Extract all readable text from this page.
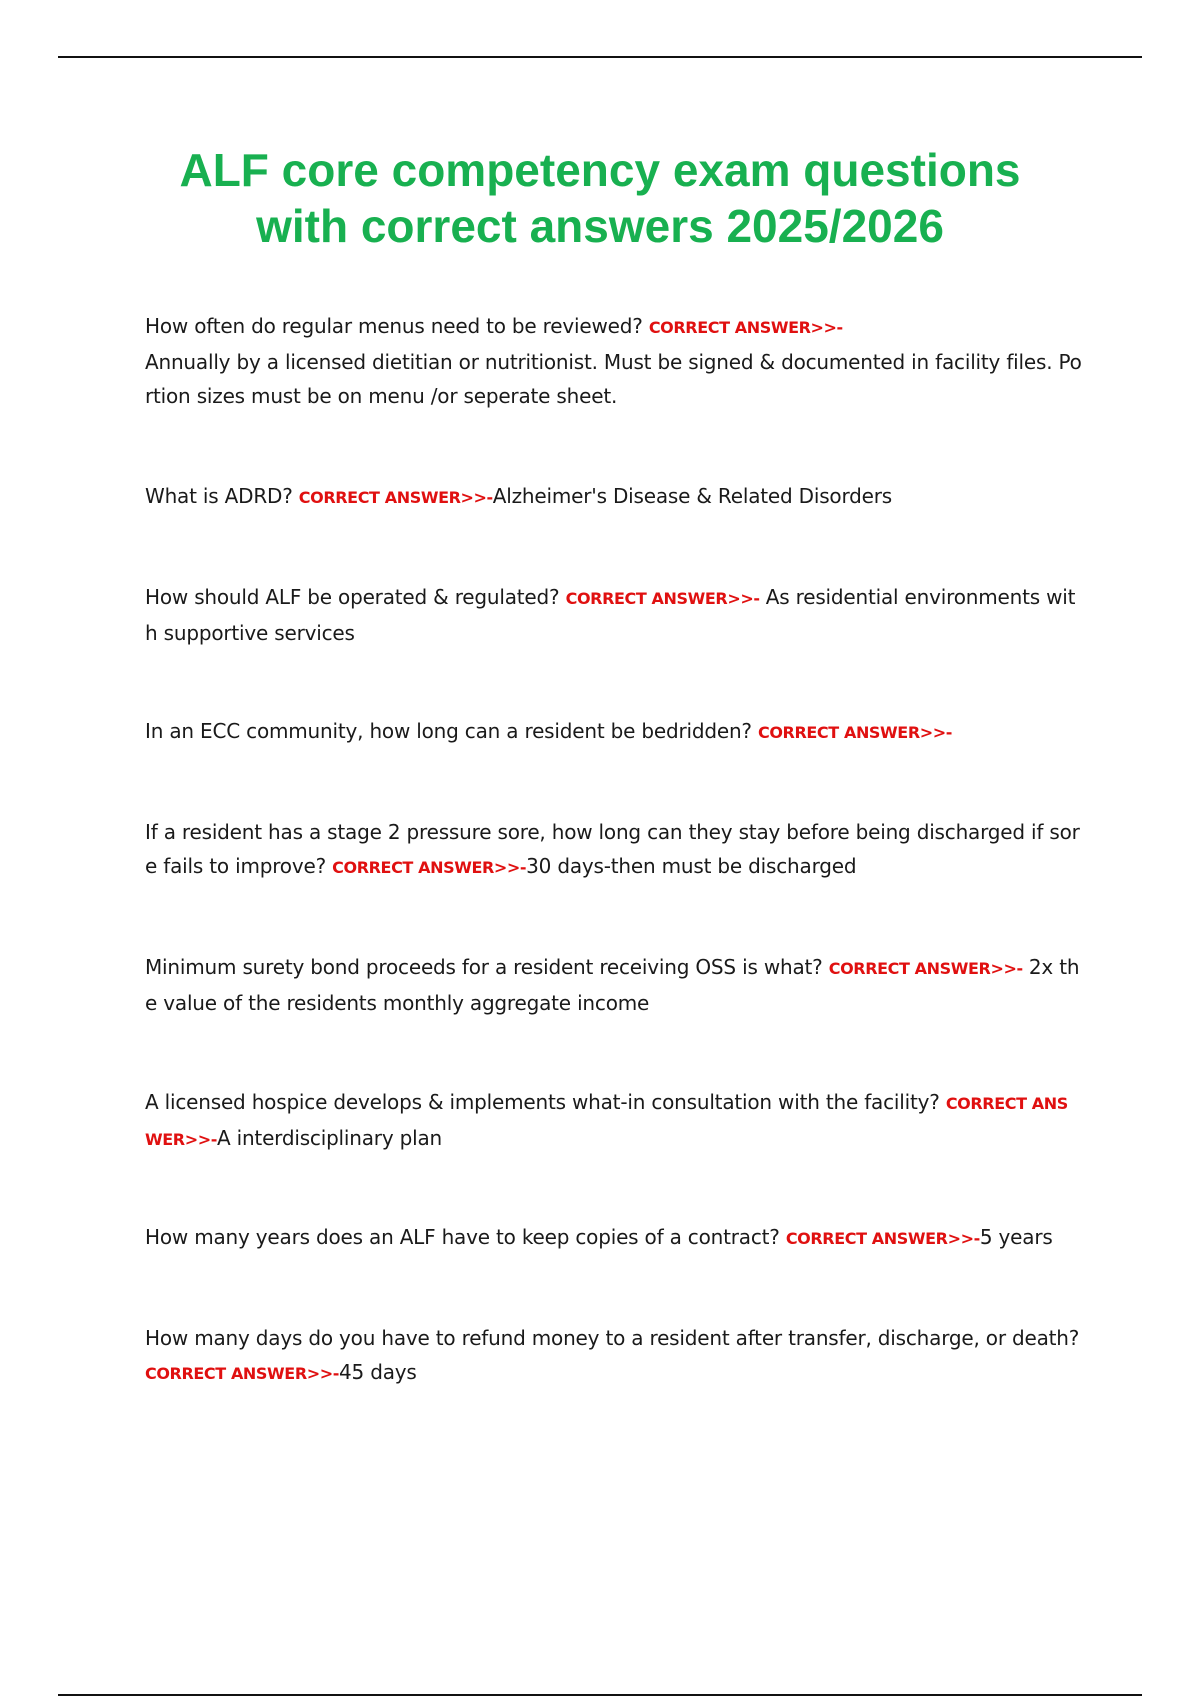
ALF core competency exam questions
with correct answers 2025/2026
How often do regular menus need to be reviewed? CORRECT ANSWER>>-
Annually by a licensed dietitian or nutritionist. Must be signed & documented in facility files. Portion sizes must be on menu /or seperate sheet.
What is ADRD? CORRECT ANSWER>>-Alzheimer's Disease & Related Disorders
How should ALF be operated & regulated? CORRECT ANSWER>>- As residential environments with supportive services
In an ECC community, how long can a resident be bedridden? CORRECT ANSWER>>-
If a resident has a stage 2 pressure sore, how long can they stay before being discharged if sore fails to improve? CORRECT ANSWER>>-30 days-then must be discharged
Minimum surety bond proceeds for a resident receiving OSS is what? CORRECT ANSWER>>- 2x the value of the residents monthly aggregate income
A licensed hospice develops & implements what-in consultation with the facility? CORRECT ANSWER>>-A interdisciplinary plan
How many years does an ALF have to keep copies of a contract? CORRECT ANSWER>>-5 years
How many days do you have to refund money to a resident after transfer, discharge, or death? CORRECT ANSWER>>-45 days
